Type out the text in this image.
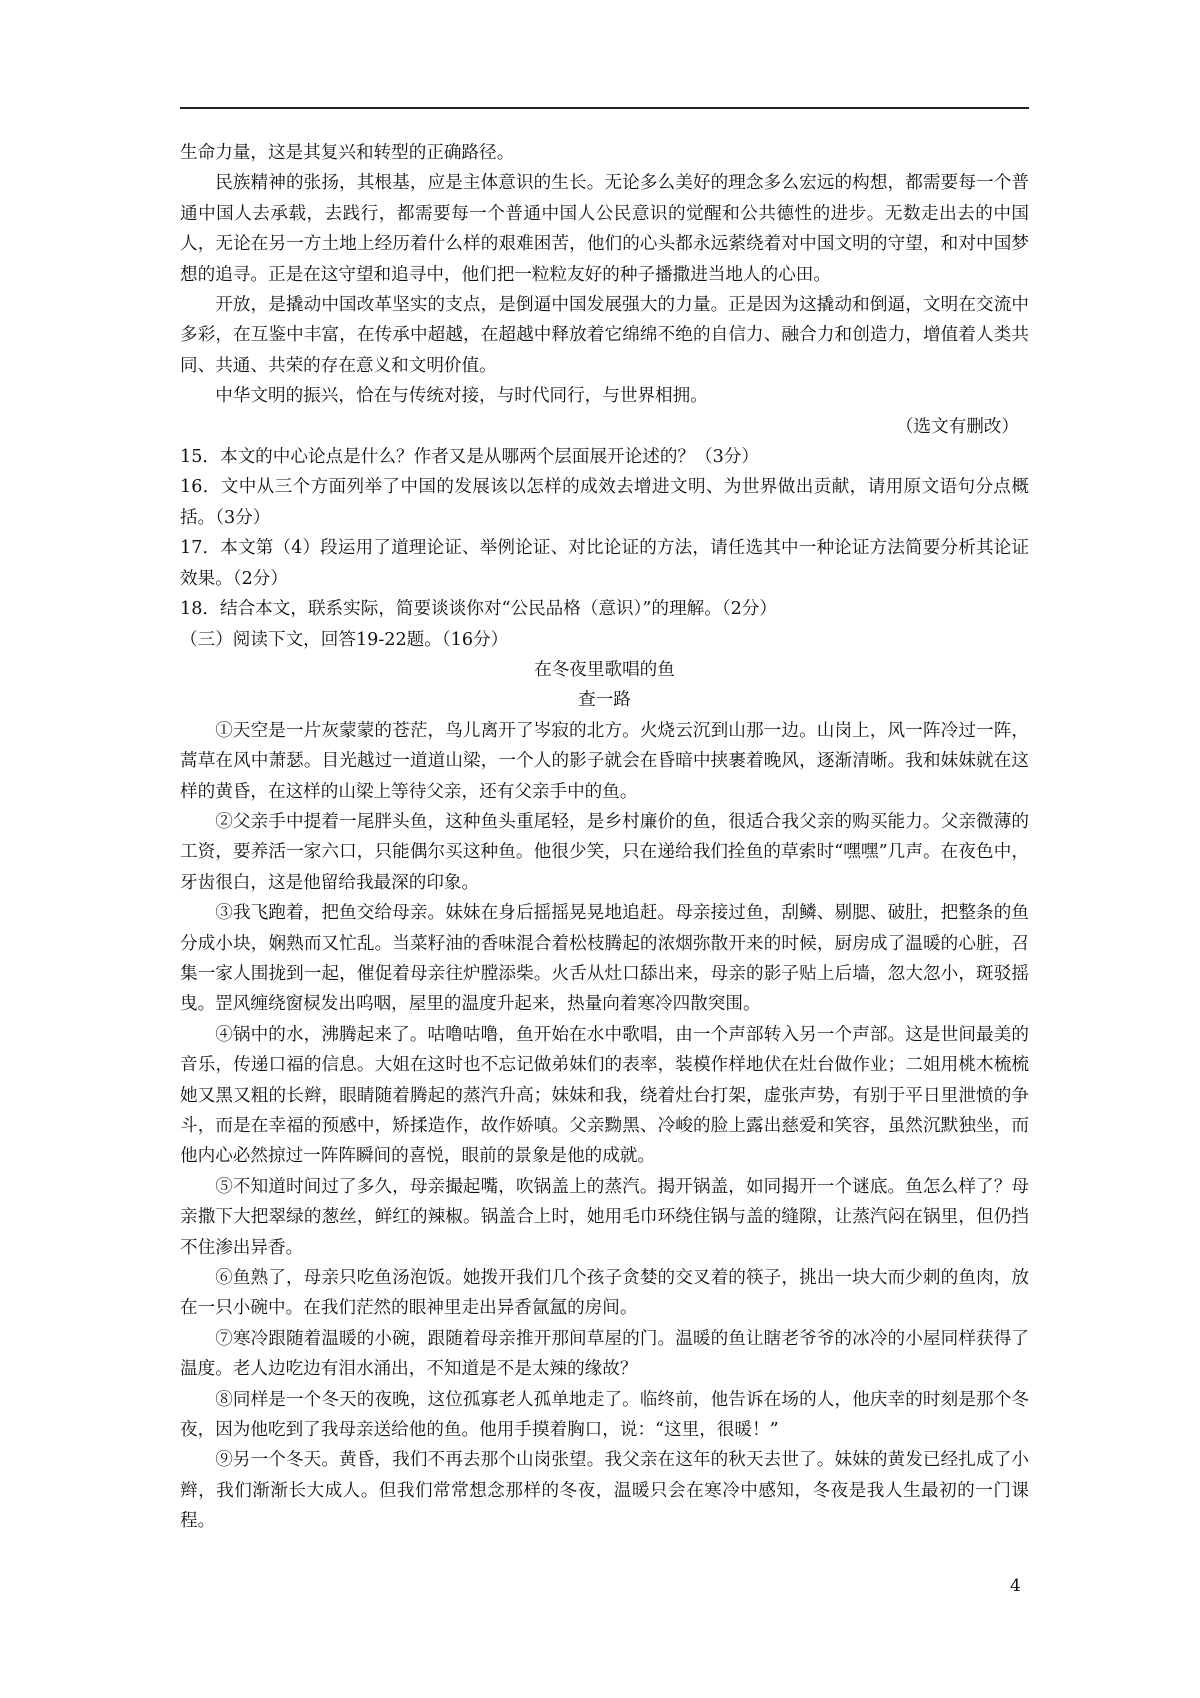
生命力量，这是其复兴和转型的正确路径。

民族精神的张扬，其根基，应是主体意识的生长。无论多么美好的理念多么宏远的构想，都需要每一个普通中国人去承载，去践行，都需要每一个普通中国人公民意识的觉醒和公共德性的进步。无数走出去的中国人，无论在另一方土地上经历着什么样的艰难困苦，他们的心头都永远萦绕着对中国文明的守望，和对中国梦想的追寻。正是在这守望和追寻中，他们把一粒粒友好的种子播撒进当地人的心田。

开放，是撬动中国改革坚实的支点，是倒逼中国发展强大的力量。正是因为这撬动和倒逼，文明在交流中多彩，在互鉴中丰富，在传承中超越，在超越中释放着它绵绵不绝的自信力、融合力和创造力，增值着人类共同、共通、共荣的存在意义和文明价值。

中华文明的振兴，恰在与传统对接，与时代同行，与世界相拥。

（选文有删改）

15．本文的中心论点是什么？作者又是从哪两个层面展开论述的？（3分）

16．文中从三个方面列举了中国的发展该以怎样的成效去增进文明、为世界做出贡献，请用原文语句分点概括。（3分）

17．本文第（4）段运用了道理论证、举例论证、对比论证的方法，请任选其中一种论证方法简要分析其论证效果。（2分）

18．结合本文，联系实际，简要谈谈你对“公民品格（意识）”的理解。（2分）

（三）阅读下文，回答19-22题。（16分）

在冬夜里歌唱的鱼

查一路

①天空是一片灰蒙蒙的苍茫，鸟儿离开了岑寂的北方。火烧云沉到山那一边。山岗上，风一阵冷过一阵，蒿草在风中萧瑟。目光越过一道道山梁，一个人的影子就会在昏暗中挟裹着晚风，逐渐清晰。我和妹妹就在这样的黄昏，在这样的山梁上等待父亲，还有父亲手中的鱼。

②父亲手中提着一尾胖头鱼，这种鱼头重尾轻，是乡村廉价的鱼，很适合我父亲的购买能力。父亲微薄的工资，要养活一家六口，只能偶尔买这种鱼。他很少笑，只在递给我们拴鱼的草索时“嘿嘿”几声。在夜色中，牙齿很白，这是他留给我最深的印象。

③我飞跑着，把鱼交给母亲。妹妹在身后摇摇晃晃地追赶。母亲接过鱼，刮鳞、剔腮、破肚，把整条的鱼分成小块，娴熟而又忙乱。当菜籽油的香味混合着松枝腾起的浓烟弥散开来的时候，厨房成了温暖的心脏，召集一家人围拢到一起，催促着母亲往炉膛添柴。火舌从灶口舔出来，母亲的影子贴上后墙，忽大忽小，斑驳摇曳。罡风缠绕窗棂发出呜咽，屋里的温度升起来，热量向着寒冷四散突围。

④锅中的水，沸腾起来了。咕噜咕噜，鱼开始在水中歌唱，由一个声部转入另一个声部。这是世间最美的音乐，传递口福的信息。大姐在这时也不忘记做弟妹们的表率，装模作样地伏在灶台做作业；二姐用桃木梳梳她又黑又粗的长辫，眼睛随着腾起的蒸汽升高；妹妹和我，绕着灶台打架，虚张声势，有别于平日里泄愤的争斗，而是在幸福的预感中，矫揉造作，故作娇嗔。父亲黝黑、冷峻的脸上露出慈爱和笑容，虽然沉默独坐，而他内心必然掠过一阵阵瞬间的喜悦，眼前的景象是他的成就。

⑤不知道时间过了多久，母亲撮起嘴，吹锅盖上的蒸汽。揭开锅盖，如同揭开一个谜底。鱼怎么样了？母亲撒下大把翠绿的葱丝，鲜红的辣椒。锅盖合上时，她用毛巾环绕住锅与盖的缝隙，让蒸汽闷在锅里，但仍挡不住渗出异香。

⑥鱼熟了，母亲只吃鱼汤泡饭。她拨开我们几个孩子贪婪的交叉着的筷子，挑出一块大而少刺的鱼肉，放在一只小碗中。在我们茫然的眼神里走出异香氤氲的房间。

⑦寒冷跟随着温暖的小碗，跟随着母亲推开那间草屋的门。温暖的鱼让瞎老爷爷的冰冷的小屋同样获得了温度。老人边吃边有泪水涌出，不知道是不是太辣的缘故？

⑧同样是一个冬天的夜晚，这位孤寡老人孤单地走了。临终前，他告诉在场的人，他庆幸的时刻是那个冬夜，因为他吃到了我母亲送给他的鱼。他用手摸着胸口，说：“这里，很暖！”

⑨另一个冬天。黄昏，我们不再去那个山岗张望。我父亲在这年的秋天去世了。妹妹的黄发已经扎成了小辫，我们渐渐长大成人。但我们常常想念那样的冬夜，温暖只会在寒冷中感知，冬夜是我人生最初的一门课程。

4
